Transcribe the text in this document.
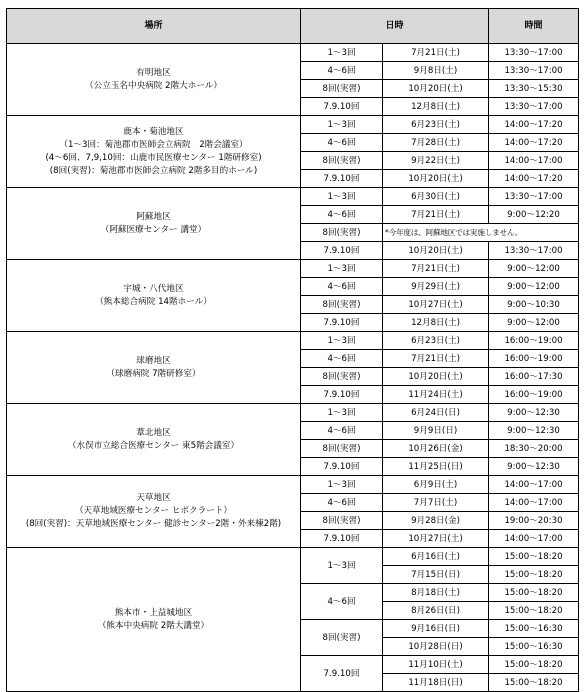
場所	日時		時間

有明地区
（公立玉名中央病院 2階大ホール）	1～3回	7月21日(土)	13:30～17:00
	4～6回	9月8日(土)	13:30～17:00
	8回(実習)	10月20日(土)	13:30～15:30
	7.9.10回	12月8日(土)	13:30～17:00

鹿本・菊池地区
（1～3回：菊池郡市医師会立病院　2階会議室）
(4～6回、7,9,10回：山鹿市民医療センター 1階研修室)
(8回(実習)：菊池郡市医師会立病院 2階多目的ホール)	1～3回	6月23日(土)	14:00～17:20
	4～6回	7月28日(土)	14:00～17:20
	8回(実習)	9月22日(土)	14:00～17:00
	7.9.10回	10月20日(土)	14:00～17:20

阿蘇地区
（阿蘇医療センター 講堂）	1～3回	6月30日(土)	13:30～17:00
	4～6回	7月21日(土)	9:00～12:20
	8回(実習)	*今年度は、阿蘇地区では実施しません。	
	7.9.10回	10月20日(土)	13:30～17:00

宇城・八代地区
（熊本総合病院 14階ホール）	1～3回	7月21日(土)	9:00～12:00
	4～6回	9月29日(土)	9:00～12:00
	8回(実習)	10月27日(土)	9:00～10:30
	7.9.10回	12月8日(土)	9:00～12:00

球磨地区
（球磨病院 7階研修室）	1～3回	6月23日(土)	16:00～19:00
	4～6回	7月21日(土)	16:00～19:00
	8回(実習)	10月20日(土)	16:00～17:30
	7.9.10回	11月24日(土)	16:00～19:00

葦北地区
（水俣市立総合医療センター 東5階会議室）	1～3回	6月24日(日)	9:00～12:30
	4～6回	9月9日(日)	9:00～12:30
	8回(実習)	10月26日(金)	18:30～20:00
	7.9.10回	11月25日(日)	9:00～12:30

天草地区
（天草地域医療センター ヒポクラート）
(8回(実習)：天草地域医療センター 健診センター2階・外来棟2階)	1～3回	6月9日(土)	14:00～17:00
	4～6回	7月7日(土)	14:00～17:00
	8回(実習)	9月28日(金)	19:00～20:30
	7.9.10回	10月27日(土)	14:00～17:00

熊本市・上益城地区
（熊本中央病院 2階大講堂）	1～3回	6月16日(土)	15:00～18:20
		7月15日(日)	15:00～18:20
	4～6回	8月18日(土)	15:00～18:20
		8月26日(日)	15:00～18:20
	8回(実習)	9月16日(日)	15:00～16:30
		10月28日(日)	15:00～16:30
	7.9.10回	11月10日(土)	15:00～18:20
		11月18日(日)	15:00～18:20
